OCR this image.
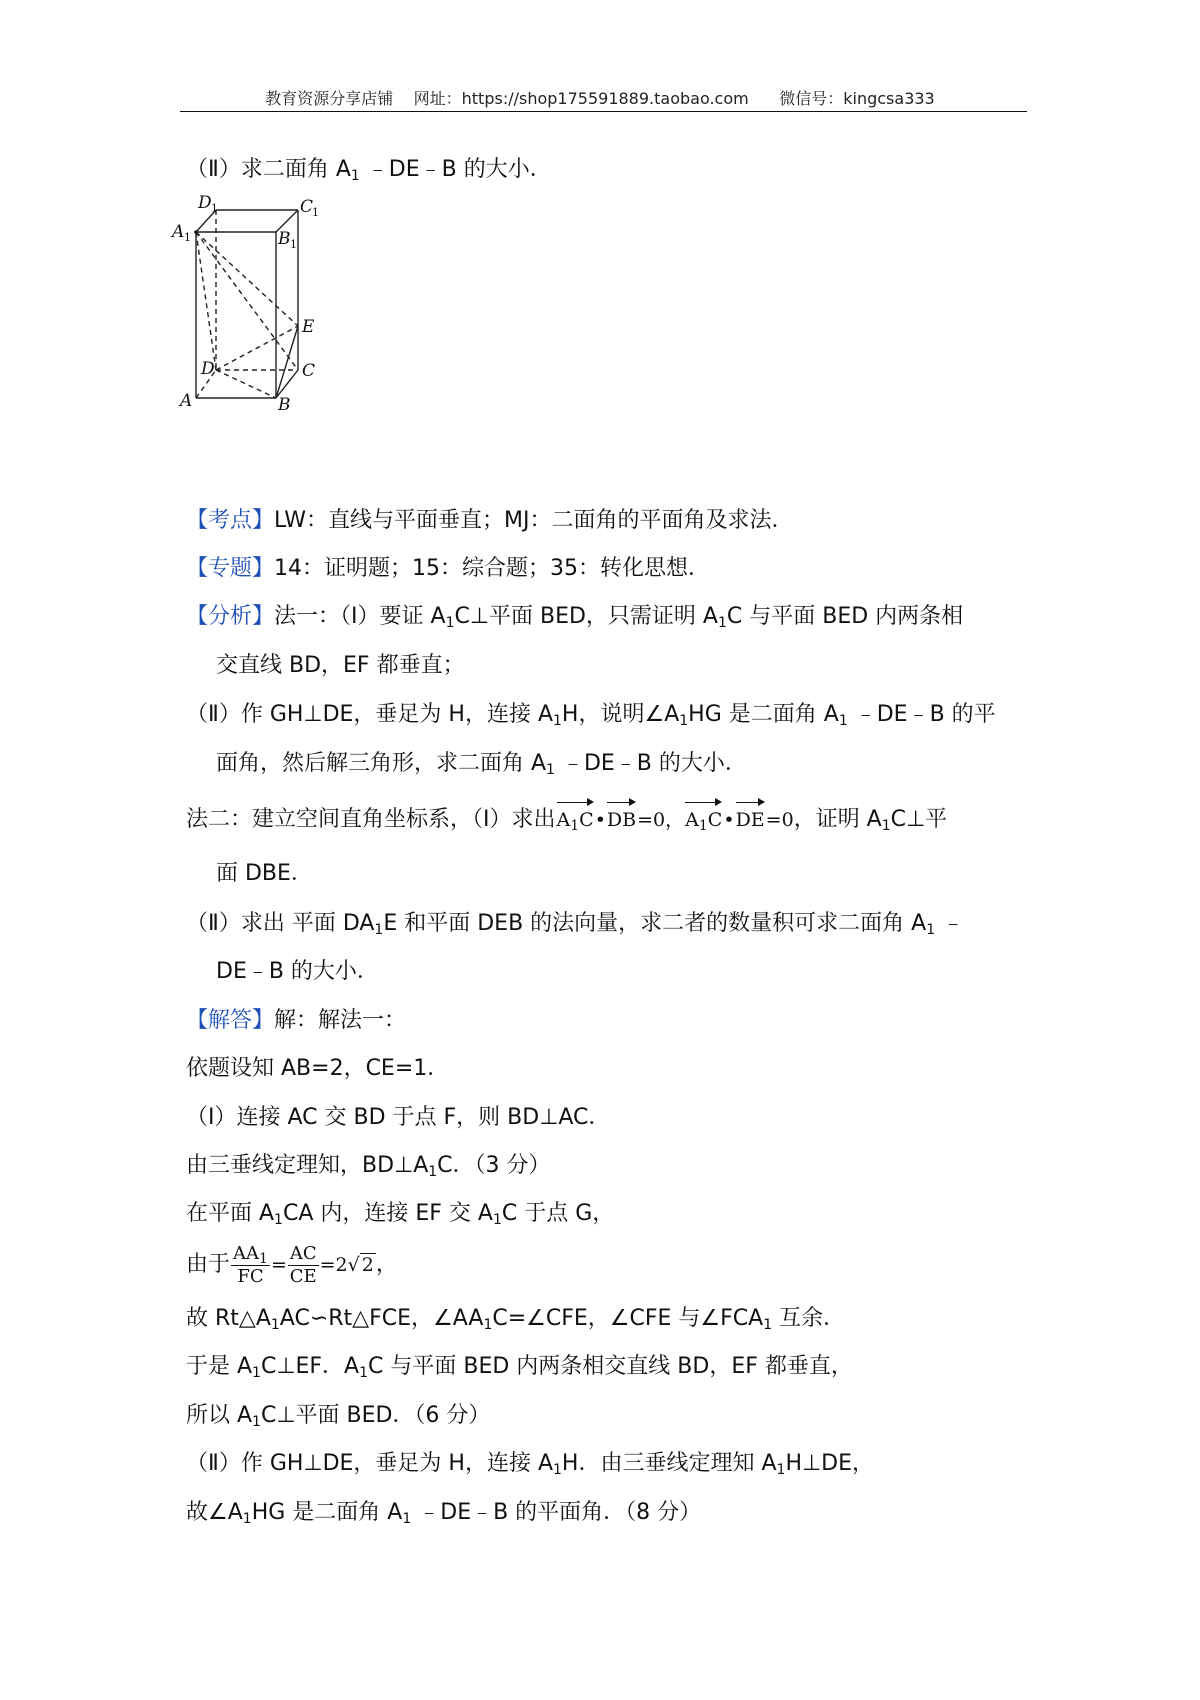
教育资源分享店铺 网址：https://shop175591889.taobao.com 微信号：kingcsa333
（Ⅱ）求二面角 $A_1$ ﹣DE﹣B 的大小．
D 1	C
1
A 1	B 1
E
D	C
A	B
【考点】LW：直线与平面垂直；MJ：二面角的平面角及求法．
【专题】14：证明题；15：综合题；35：转化思想．
【分析】法一：（Ⅰ）要证 $A_1C\perp$平面 BED，只需证明 $A_1C$ 与平面 BED 内两条相
交直线 BD，EF 都垂直；
（Ⅱ）作 GH⊥DE，垂足为 H，连接 $A_1H$，说明$\angle A_1HG$ 是二面角 $A_1$ ﹣DE﹣B 的平
面角，然后解三角形，求二面角 $A_1$ ﹣DE﹣B 的大小．
法二：建立空间直角坐标系，（Ⅰ）求出$A_1C•DB=0$，$A_1C•DE=0$，证明 $A_1C\perp$平
面 DBE．
（Ⅱ）求出 平面 $DA_1E$ 和平面 DEB 的法向量，求二者的数量积可求二面角 $A_1$ ﹣
DE﹣B 的大小．
【解答】解：解法一：
依题设知 AB=2，CE=1．
（Ⅰ）连接 AC 交 BD 于点 F，则 BD⊥AC．
由三垂线定理知，$BD\perp A_1C$．（3 分）
在平面 $A_1CA$ 内，连接 EF 交 $A_1C$ 于点 G，
由于 $\frac{AA_1}{FC} = \frac{AC}{CE} =2√$ 2，
故 $Rt\triangle A_1AC∽Rt\triangle FCE$，$\angle AA_1C=\angle CFE$，∠CFE 与$\angle FCA_1$ 互余．
于是 $A_1C\perp EF$．$A_1C$ 与平面 BED 内两条相交直线 BD，EF 都垂直，
所以 $A_1C\perp$平面 BED．（6 分）
（Ⅱ）作 GH⊥DE，垂足为 H，连接 $A_1H$．由三垂线定理知 $A_1H\perp DE$，
故$\angle A_1HG$ 是二面角 $A_1$ ﹣DE﹣B 的平面角．（8 分）
